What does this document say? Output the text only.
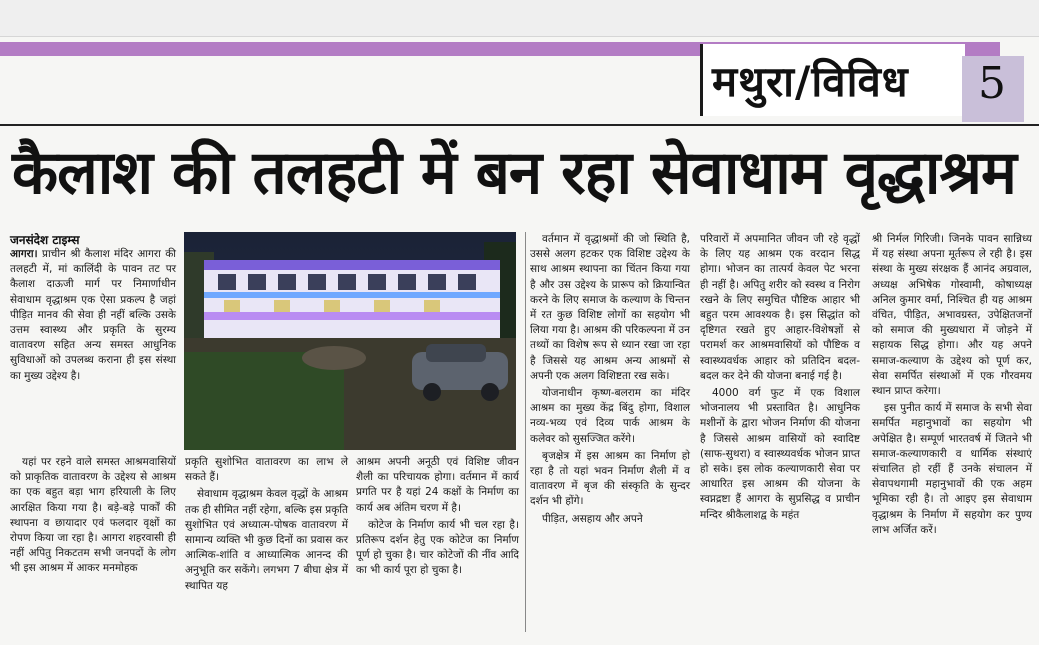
मथुरा/विविध 5
कैलाश की तलहटी में बन रहा सेवाधाम वृद्धाश्रम
जनसंदेश टाइम्स

आगरा। प्राचीन श्री कैलाश मंदिर आगरा की तलहटी में, मां कालिंदी के पावन तट पर कैलाश दाऊजी मार्ग पर निमार्णाधीन सेवाधाम वृद्धाश्रम एक ऐसा प्रकल्प है जहां पीड़ित मानव की सेवा ही नहीं बल्कि उसके उत्तम स्वास्थ्य और प्रकृति के सुरम्य वातावरण सहित अन्य समस्त आधुनिक सुविधाओं को उपलब्ध कराना ही इस संस्था का मुख्य उद्देश्य है।

यहां पर रहने वाले समस्त आश्रमवासियों को प्राकृतिक वातावरण के उद्देश्य से आश्रम का एक बहुत बड़ा भाग हरियाली के लिए आरक्षित किया गया है। बड़े-बड़े पार्कों की स्थापना व छायादार एवं फलदार वृक्षों का रोपण किया जा रहा है। आगरा शहरवासी ही नहीं अपितु निकटतम सभी जनपदों के लोग भी इस आश्रम में आकर मनमोहक

प्रकृति सुशोभित वातावरण का लाभ ले सकते हैं।

सेवाधाम वृद्धाश्रम केवल वृद्धों के आश्रम तक ही सीमित नहीं रहेगा, बल्कि इस प्रकृति सुशोभित एवं अध्यात्म-पोषक वातावरण में सामान्य व्यक्ति भी कुछ दिनों का प्रवास कर आत्मिक-शांति व आध्यात्मिक आनन्द की अनुभूति कर सकेंगे। लगभग 7 बीघा क्षेत्र में स्थापित यह

आश्रम अपनी अनूठी एवं विशिष्ट जीवन शैली का परिचायक होगा। वर्तमान में कार्य प्रगति पर है यहां 24 कक्षों के निर्माण का कार्य अब अंतिम चरण में है।

कोटेज के निर्माण कार्य भी चल रहा है। प्रतिरूप दर्शन हेतु एक कोटेज का निर्माण पूर्ण हो चुका है। चार कोटेजों की नींव आदि का भी कार्य पूरा हो चुका है।

वर्तमान में वृद्धाश्रमों की जो स्थिति है, उससे अलग हटकर एक विशिष्ट उद्देश्य के साथ आश्रम स्थापना का चिंतन किया गया है और उस उद्देश्य के प्रारूप को क्रियान्वित करने के लिए समाज के कल्याण के चिन्तन में रत कुछ विशिष्ट लोगों का सहयोग भी लिया गया है। आश्रम की परिकल्पना में उन तथ्यों का विशेष रूप से ध्यान रखा जा रहा है जिससे यह आश्रम अन्य आश्रमों से अपनी एक अलग विशिष्टता रख सके।

योजनाधीन कृष्ण-बलराम का मंदिर आश्रम का मुख्य केंद्र बिंदु होगा, विशाल नव्य-भव्य एवं दिव्य पार्क आश्रम के कलेवर को सुसज्जित करेंगे।

बृजक्षेत्र में इस आश्रम का निर्माण हो रहा है तो यहां भवन निर्माण शैली में व वातावरण में बृज की संस्कृति के सुन्दर दर्शन भी होंगे।

पीड़ित, असहाय और अपने

परिवारों में अपमानित जीवन जी रहे वृद्धों के लिए यह आश्रम एक वरदान सिद्ध होगा। भोजन का तात्पर्य केवल पेट भरना ही नहीं है। अपितु शरीर को स्वस्थ व निरोग रखने के लिए समुचित पौष्टिक आहार भी बहुत परम आवश्यक है। इस सिद्धांत को दृष्टिगत रखते हुए आहार-विशेषज्ञों से परामर्श कर आश्रमवासियों को पौष्टिक व स्वास्थ्यवर्धक आहार को प्रतिदिन बदल-बदल कर देने की योजना बनाई गई है।

4000 वर्ग फुट में एक विशाल भोजनालय भी प्रस्तावित है। आधुनिक मशीनों के द्वारा भोजन निर्माण की योजना है जिससे आश्रम वासियों को स्वादिष्ट (साफ-सुथरा) व स्वास्थ्यवर्धक भोजन प्राप्त हो सके। इस लोक कल्याणकारी सेवा पर आधारित इस आश्रम की योजना के स्वप्नद्रष्टा हैं आगरा के सुप्रसिद्ध व प्राचीन मन्दिर श्रीकैलाशद्व के महंत

श्री निर्मल गिरिजी। जिनके पावन सान्निध्य में यह संस्था अपना मूर्तरूप ले रही है। इस संस्था के मुख्य संरक्षक हैं आनंद अग्रवाल, अध्यक्ष अभिषेक गोस्वामी, कोषाध्यक्ष अनिल कुमार वर्मा, निश्चित ही यह आश्रम वंचित, पीड़ित, अभावग्रस्त, उपेक्षितजनों को समाज की मुख्यधारा में जोड़ने में सहायक सिद्ध होगा। और यह अपने समाज-कल्याण के उद्देश्य को पूर्ण कर, सेवा समर्पित संस्थाओं में एक गौरवमय स्थान प्राप्त करेगा।

इस पुनीत कार्य में समाज के सभी सेवा समर्पित महानुभावों का सहयोग भी अपेक्षित है। सम्पूर्ण भारतवर्ष में जितने भी समाज-कल्याणकारी व धार्मिक संस्थाएं संचालित हो रहीं हैं उनके संचालन में सेवापथगामी महानुभावों की एक अहम भूमिका रही है। तो आइए इस सेवाधाम वृद्धाश्रम के निर्माण में सहयोग कर पुण्य लाभ अर्जित करें।
